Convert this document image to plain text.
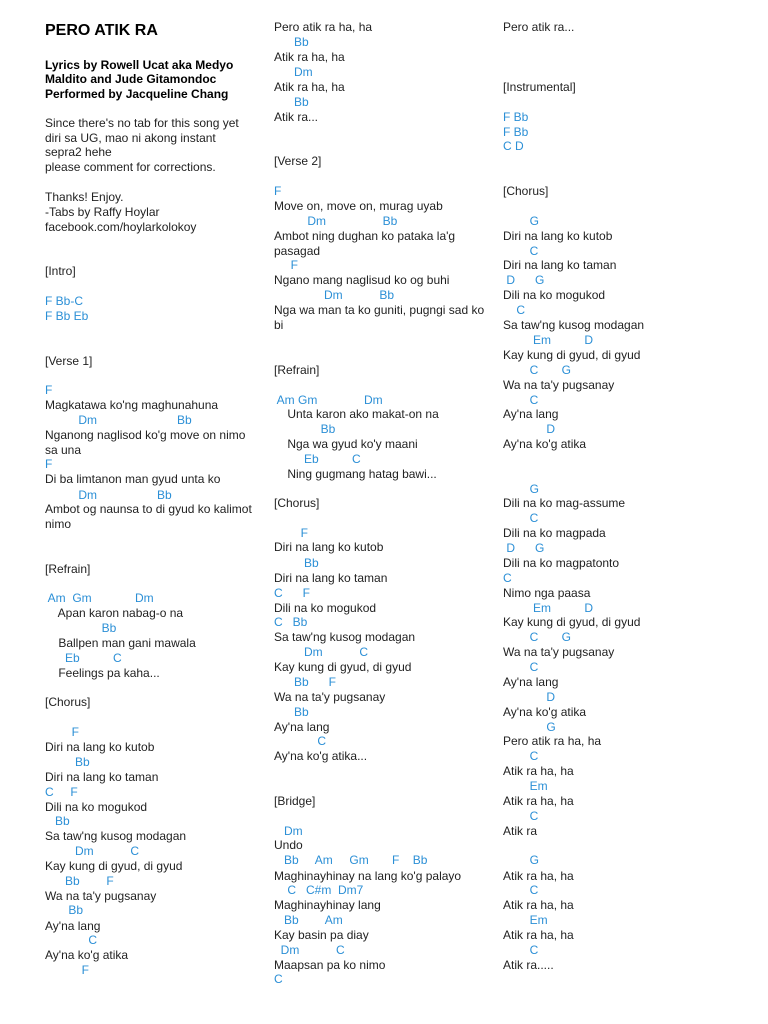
PERO ATIK RA
Lyrics by Rowell Ucat aka Medyo
Maldito and Jude Gitamondoc
Performed by Jacqueline Chang
Since there's no tab for this song yet
diri sa UG, mao ni akong instant
sepra2 hehe
please comment for corrections.
Thanks! Enjoy.
-Tabs by Raffy Hoylar
facebook.com/hoylarkolokoy
[Intro]
F Bb-C
F Bb Eb
[Verse 1]
F
Magkatawa ko'ng maghunahuna
Dm                        Bb
Nganong naglisod ko'g move on nimo
sa una
F
Di ba limtanon man gyud unta ko
Dm                  Bb
Ambot og naunsa to di gyud ko kalimot
nimo
[Refrain]
Am  Gm             Dm
Apan karon nabag-o na
Bb
Ballpen man gani mawala
Eb          C
Feelings pa kaha...
[Chorus]
F
Diri na lang ko kutob
Bb
Diri na lang ko taman
C     F
Dili na ko mogukod
Bb
Sa taw'ng kusog modagan
Dm           C
Kay kung di gyud, di gyud
Bb        F
Wa na ta'y pugsanay
Bb
Ay'na lang
C
Ay'na ko'g atika
F
Pero atik ra ha, ha
Bb
Atik ra ha, ha
Dm
Atik ra ha, ha
Bb
Atik ra...
[Verse 2]
F
Move on, move on, murag uyab
Dm                 Bb
Ambot ning dughan ko pataka la'g
pasagad
F
Ngano mang naglisud ko og buhi
Dm           Bb
Nga wa man ta ko guniti, pugngi sad ko
bi
[Refrain]
Am Gm              Dm
Unta karon ako makat-on na
Bb
Nga wa gyud ko'y maani
Eb          C
Ning gugmang hatag bawi...
[Chorus]
F
Diri na lang ko kutob
Bb
Diri na lang ko taman
C      F
Dili na ko mogukod
C   Bb
Sa taw'ng kusog modagan
Dm           C
Kay kung di gyud, di gyud
Bb      F
Wa na ta'y pugsanay
Bb
Ay'na lang
C
Ay'na ko'g atika...
[Bridge]
Dm
Undo
Bb     Am     Gm       F    Bb
Maghinayhinay na lang ko'g palayo
C   C#m  Dm7
Maghinayhinay lang
Bb        Am
Kay basin pa diay
Dm           C
Maapsan pa ko nimo
C
Pero atik ra...
[Instrumental]
F Bb
F Bb
C D
[Chorus]
G
Diri na lang ko kutob
C
Diri na lang ko taman
D      G
Dili na ko mogukod
C
Sa taw'ng kusog modagan
Em          D
Kay kung di gyud, di gyud
C       G
Wa na ta'y pugsanay
C
Ay'na lang
D
Ay'na ko'g atika
G
Dili na ko mag-assume
C
Dili na ko magpada
D      G
Dili na ko magpatonto
C
Nimo nga paasa
Em          D
Kay kung di gyud, di gyud
C       G
Wa na ta'y pugsanay
C
Ay'na lang
D
Ay'na ko'g atika
G
Pero atik ra ha, ha
C
Atik ra ha, ha
Em
Atik ra ha, ha
C
Atik ra
G
Atik ra ha, ha
C
Atik ra ha, ha
Em
Atik ra ha, ha
C
Atik ra.....
